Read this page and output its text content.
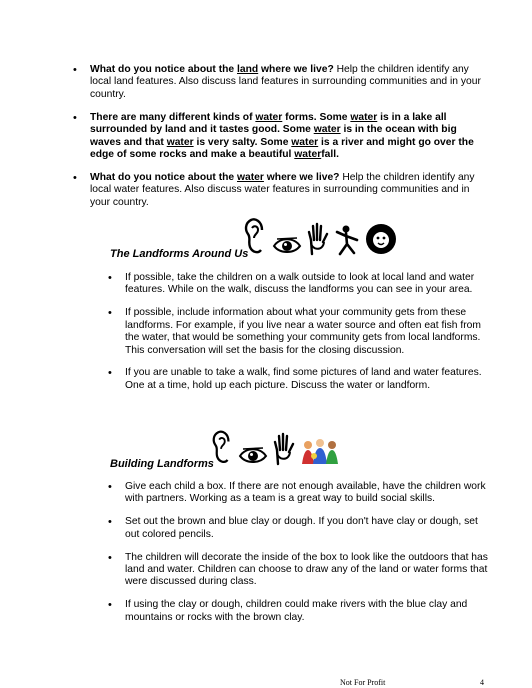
• What do you notice about the land where we live? Help the children identify any local land features. Also discuss land features in surrounding communities and in your country.
• There are many different kinds of water forms. Some water is in a lake all surrounded by land and it tastes good. Some water is in the ocean with big waves and that water is very salty. Some water is a river and might go over the edge of some rocks and make a beautiful waterfall.
• What do you notice about the water where we live? Help the children identify any local water features. Also discuss water features in surrounding communities and in your country.
The Landforms Around Us
• If possible, take the children on a walk outside to look at local land and water features. While on the walk, discuss the landforms you can see in your area.
• If possible, include information about what your community gets from these landforms. For example, if you live near a water source and often eat fish from the water, that would be something your community gets from local landforms. This conversation will set the basis for the closing discussion.
• If you are unable to take a walk, find some pictures of land and water features. One at a time, hold up each picture. Discuss the water or landform.
Building Landforms
• Give each child a box. If there are not enough available, have the children work with partners. Working as a team is a great way to build social skills.
• Set out the brown and blue clay or dough. If you don't have clay or dough, set out colored pencils.
• The children will decorate the inside of the box to look like the outdoors that has land and water. Children can choose to draw any of the land or water forms that were discussed during class.
• If using the clay or dough, children could make rivers with the blue clay and mountains or rocks with the brown clay.
Not For Profit	4
